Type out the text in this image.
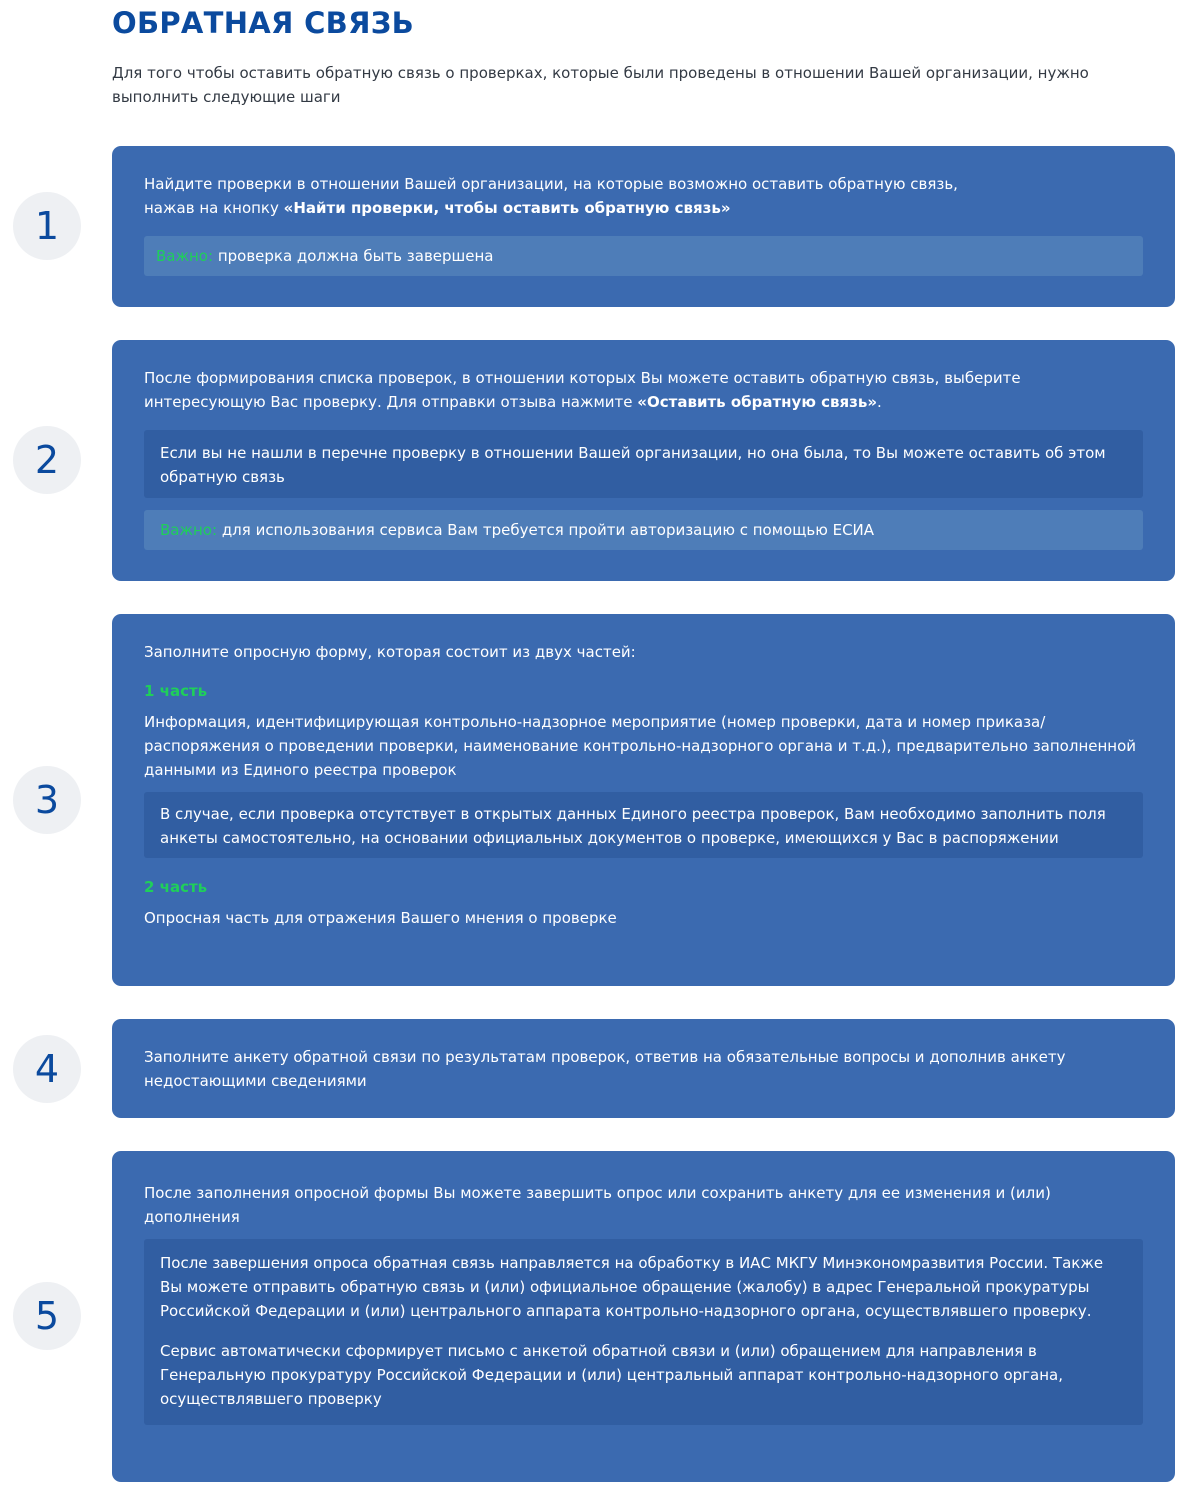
ОБРАТНАЯ СВЯЗЬ

Для того чтобы оставить обратную связь о проверках, которые были проведены в отношении Вашей организации, нужно выполнить следующие шаги

1

Найдите проверки в отношении Вашей организации, на которые возможно оставить обратную связь,
нажав на кнопку «Найти проверки, чтобы оставить обратную связь»

Важно: проверка должна быть завершена
2

После формирования списка проверок, в отношении которых Вы можете оставить обратную связь, выберите интересующую Вас проверку. Для отправки отзыва нажмите «Оставить обратную связь».

Если вы не нашли в перечне проверку в отношении Вашей организации, но она была, то Вы можете оставить об этом обратную связь
Важно: для использования сервиса Вам требуется пройти авторизацию с помощью ЕСИА
3

Заполните опросную форму, которая состоит из двух частей:

1 часть

Информация, идентифицирующая контрольно-надзорное мероприятие (номер проверки, дата и номер приказа/распоряжения о проведении проверки, наименование контрольно-надзорного органа и т.д.), предварительно заполненной данными из Единого реестра проверок

В случае, если проверка отсутствует в открытых данных Единого реестра проверок, Вам необходимо заполнить поля анкеты самостоятельно, на основании официальных документов о проверке, имеющихся у Вас в распоряжении

2 часть

Опросная часть для отражения Вашего мнения о проверке

4	Заполните анкету обратной связи по результатам проверок, ответив на обязательные вопросы и дополнив анкету недостающими сведениями

5

После заполнения опросной формы Вы можете завершить опрос или сохранить анкету для ее изменения и (или) дополнения

После завершения опроса обратная связь направляется на обработку в ИАС МКГУ Минэкономразвития России. Также Вы можете отправить обратную связь и (или) официальное обращение (жалобу) в адрес Генеральной прокуратуры Российской Федерации и (или) центрального аппарата контрольно-надзорного органа, осуществлявшего проверку.

Сервис автоматически сформирует письмо с анкетой обратной связи и (или) обращением для направления в Генеральную прокуратуру Российской Федерации и (или) центральный аппарат контрольно-надзорного органа, осуществлявшего проверку
